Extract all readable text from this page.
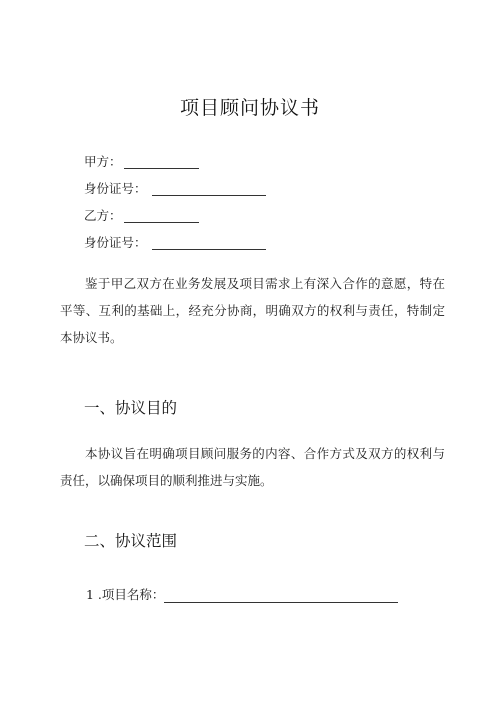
项目顾问协议书
甲方：
身份证号：
乙方：
身份证号：

鉴于甲乙双方在业务发展及项目需求上有深入合作的意愿，特在平等、互利的基础上，经充分协商，明确双方的权利与责任，特制定本协议书。

一、协议目的

本协议旨在明确项目顾问服务的内容、合作方式及双方的权利与责任，以确保项目的顺利推进与实施。

二、协议范围
1 .项目名称：
